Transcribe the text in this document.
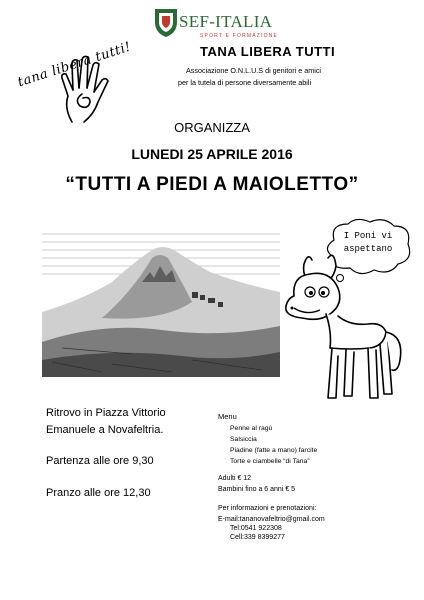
SEF-ITALIA
SPORT E FORMAZIONE
tana libera tutti!	TANA LIBERA TUTTI
Associazione O.N.L.U.S di genitori e amici
per la tutela di persone diversamente abili
ORGANIZZA
LUNEDI 25 APRILE 2016
“TUTTI A PIEDI A MAIOLETTO”
I Poni vi
aspettano
Ritrovo in Piazza Vittorio
Emanuele a Novafeltria.
Partenza alle ore 9,30
Pranzo alle ore 12,30
Menu
Penne al ragù
Salsiccia
Piadine (fatte a mano) farcite
Torte e ciambelle “di Tana”
Adulti € 12
Bambini fino a 6 anni € 5
Per informazioni e prenotazioni:
E-mail:tananovafeltrio@gmail.com
Tel:0541 922308
Cell:339 8399277
